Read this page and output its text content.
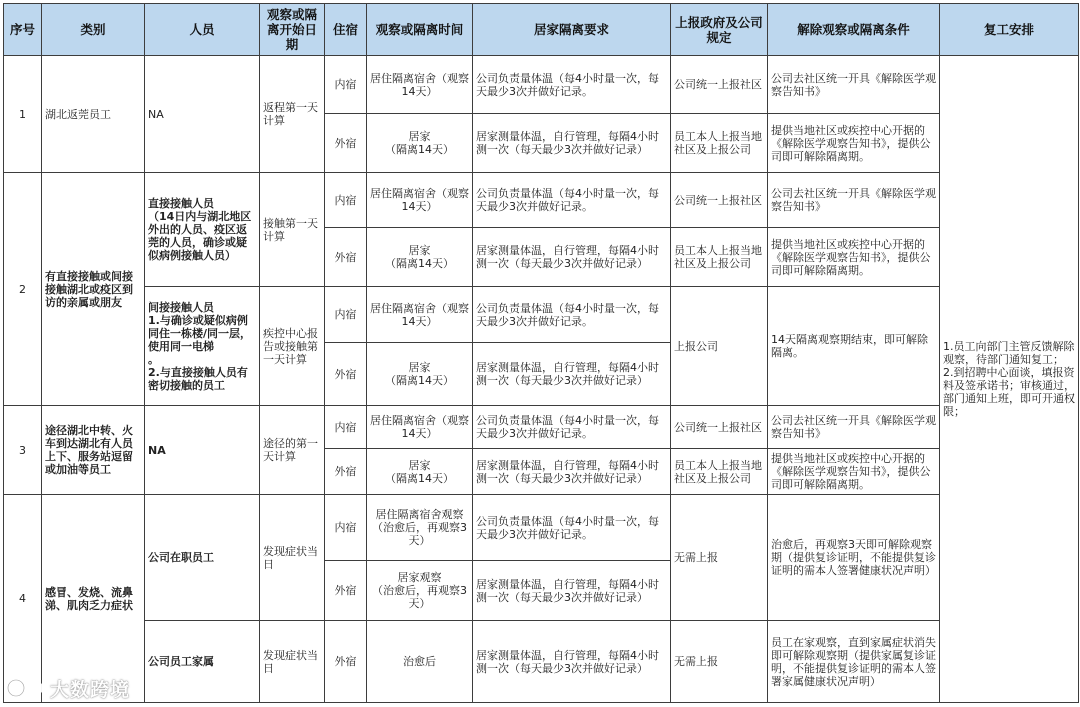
序号	类别	人员	观察或隔离开始日期	住宿	观察或隔离时间	居家隔离要求	上报政府及公司规定	解除观察或隔离条件	复工安排
1	湖北返莞员工	NA	返程第一天计算	内宿	居住隔离宿舍（观察14天）	公司负责量体温（每4小时量一次，每天最少3次并做好记录。	公司统一上报社区	公司去社区统一开具《解除医学观察告知书》	1.员工向部门主管反馈解除观察，待部门通知复工；
2.到招聘中心面谈，填报资料及签承诺书；审核通过，部门通知上班，即可开通权限；
				外宿	居家
（隔离14天）	居家测量体温，自行管理，每隔4小时测一次（每天最少3次并做好记录）	员工本人上报当地社区及上报公司	提供当地社区或疾控中心开据的《解除医学观察告知书》，提供公司即可解除隔离期。	
2	有直接接触或间接接触湖北或疫区到访的亲属或朋友	直接接触人员
（14日内与湖北地区外出的人员、疫区返莞的人员，确诊或疑似病例接触人员）	接触第一天计算	内宿	居住隔离宿舍（观察14天）	公司负责量体温（每4小时量一次，每天最少3次并做好记录。	公司统一上报社区	公司去社区统一开具《解除医学观察告知书》	
				外宿	居家
（隔离14天）	居家测量体温，自行管理，每隔4小时测一次（每天最少3次并做好记录）	员工本人上报当地社区及上报公司	提供当地社区或疾控中心开据的《解除医学观察告知书》，提供公司即可解除隔离期。	
		间接接触人员
1.与确诊或疑似病例同住一栋楼/同一层，使用同一电梯
。
2.与直接接触人员有密切接触的员工	疾控中心报告或接触第一天计算	内宿	居住隔离宿舍（观察14天）	公司负责量体温（每4小时量一次，每天最少3次并做好记录。	上报公司	14天隔离观察期结束，即可解除隔离。	
				外宿	居家
（隔离14天）	居家测量体温，自行管理，每隔4小时测一次（每天最少3次并做好记录）			
3	途径湖北中转、火车到达湖北有人员上下、服务站逗留或加油等员工	NA	途径的第一天计算	内宿	居住隔离宿舍（观察14天）	公司负责量体温（每4小时量一次，每天最少3次并做好记录。	公司统一上报社区	公司去社区统一开具《解除医学观察告知书》	
				外宿	居家
（隔离14天）	居家测量体温，自行管理，每隔4小时测一次（每天最少3次并做好记录）	员工本人上报当地社区及上报公司	提供当地社区或疾控中心开据的《解除医学观察告知书》，提供公司即可解除隔离期。	
4	感冒、发烧、流鼻涕、肌肉乏力症状	公司在职员工	发现症状当日	内宿	居住隔离宿舍观察（治愈后，再观察3天）	公司负责量体温（每4小时量一次，每天最少3次并做好记录。	无需上报	治愈后，再观察3天即可解除观察期（提供复诊证明，不能提供复诊证明的需本人签署健康状况声明）	
				外宿	居家观察
（治愈后，再观察3天）	居家测量体温，自行管理，每隔4小时测一次（每天最少3次并做好记录）			
		公司员工家属	发现症状当日	外宿	治愈后	居家测量体温，自行管理，每隔4小时测一次（每天最少3次并做好记录）	无需上报	员工在家观察，直到家属症状消失即可解除观察期（提供家属复诊证明，不能提供复诊证明的需本人签署家属健康状况声明）	
大数跨境
